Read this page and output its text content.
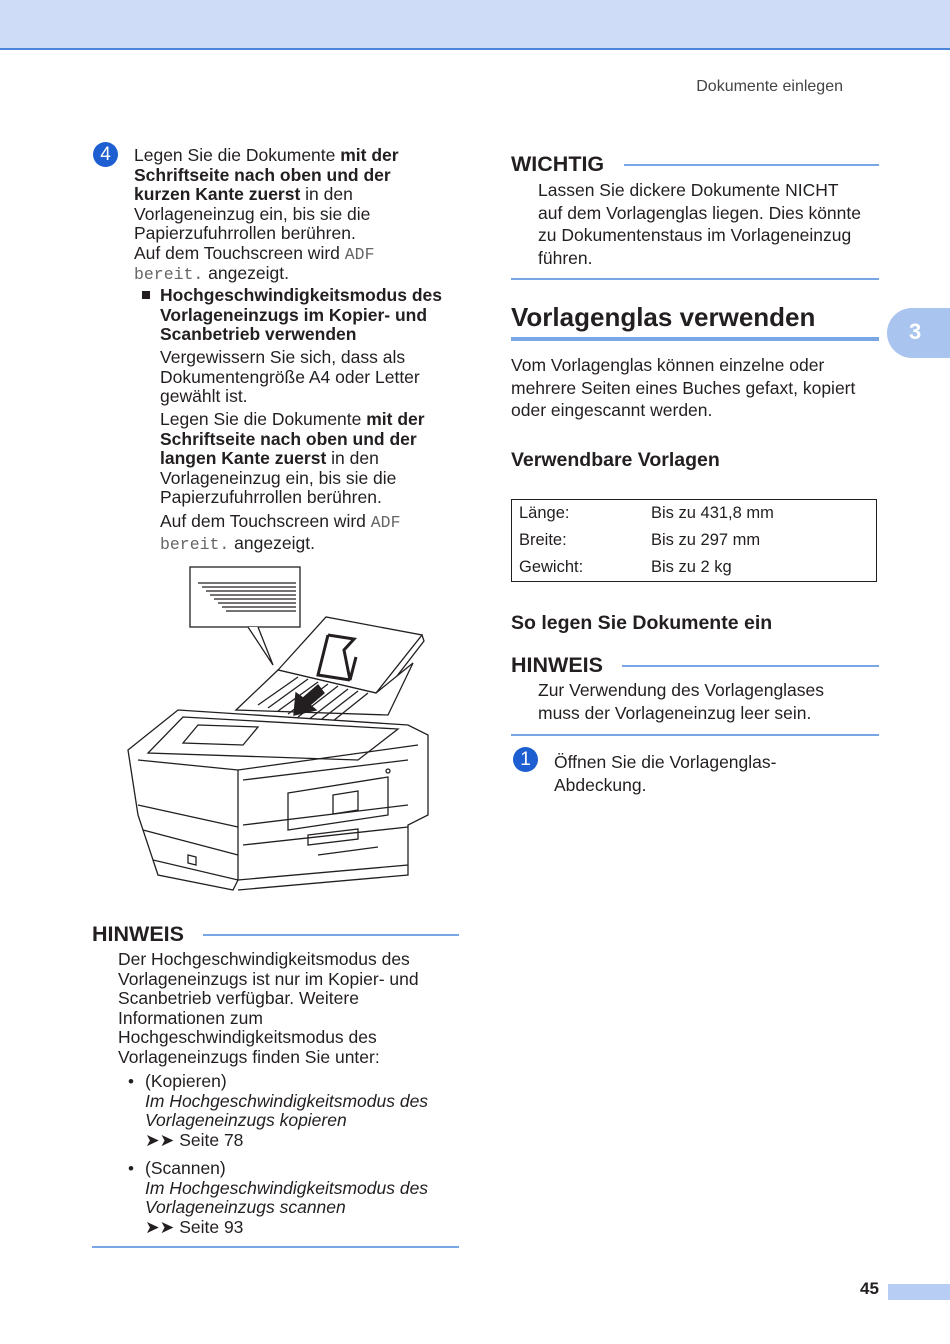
Dokumente einlegen
3
4	Legen Sie die Dokumente mit der
Schriftseite nach oben und der
kurzen Kante zuerst in den
Vorlageneinzug ein, bis sie die
Papierzufuhrrollen berühren.
Auf dem Touchscreen wird ADF
bereit. angezeigt.
Hochgeschwindigkeitsmodus des
Vorlageneinzugs im Kopier- und
Scanbetrieb verwenden
Vergewissern Sie sich, dass als
Dokumentengröße A4 oder Letter
gewählt ist.
Legen Sie die Dokumente mit der
Schriftseite nach oben und der
langen Kante zuerst in den
Vorlageneinzug ein, bis sie die
Papierzufuhrrollen berühren.
Auf dem Touchscreen wird ADF
bereit. angezeigt.
HINWEIS
Der Hochgeschwindigkeitsmodus des
Vorlageneinzugs ist nur im Kopier- und
Scanbetrieb verfügbar. Weitere
Informationen zum
Hochgeschwindigkeitsmodus des
Vorlageneinzugs finden Sie unter:
• (Kopieren)
Im Hochgeschwindigkeitsmodus des
Vorlageneinzugs kopieren
➤➤ Seite 78
• (Scannen)
Im Hochgeschwindigkeitsmodus des
Vorlageneinzugs scannen
➤➤ Seite 93
WICHTIG
Lassen Sie dickere Dokumente NICHT
auf dem Vorlagenglas liegen. Dies könnte
zu Dokumentenstaus im Vorlageneinzug
führen.
Vorlagenglas verwenden
Vom Vorlagenglas können einzelne oder
mehrere Seiten eines Buches gefaxt, kopiert
oder eingescannt werden.
Verwendbare Vorlagen
Länge:	Bis zu 431,8 mm
Breite:	Bis zu 297 mm
Gewicht:	Bis zu 2 kg
So legen Sie Dokumente ein
HINWEIS
Zur Verwendung des Vorlagenglases
muss der Vorlageneinzug leer sein.
1	Öffnen Sie die Vorlagenglas-
Abdeckung.
45
